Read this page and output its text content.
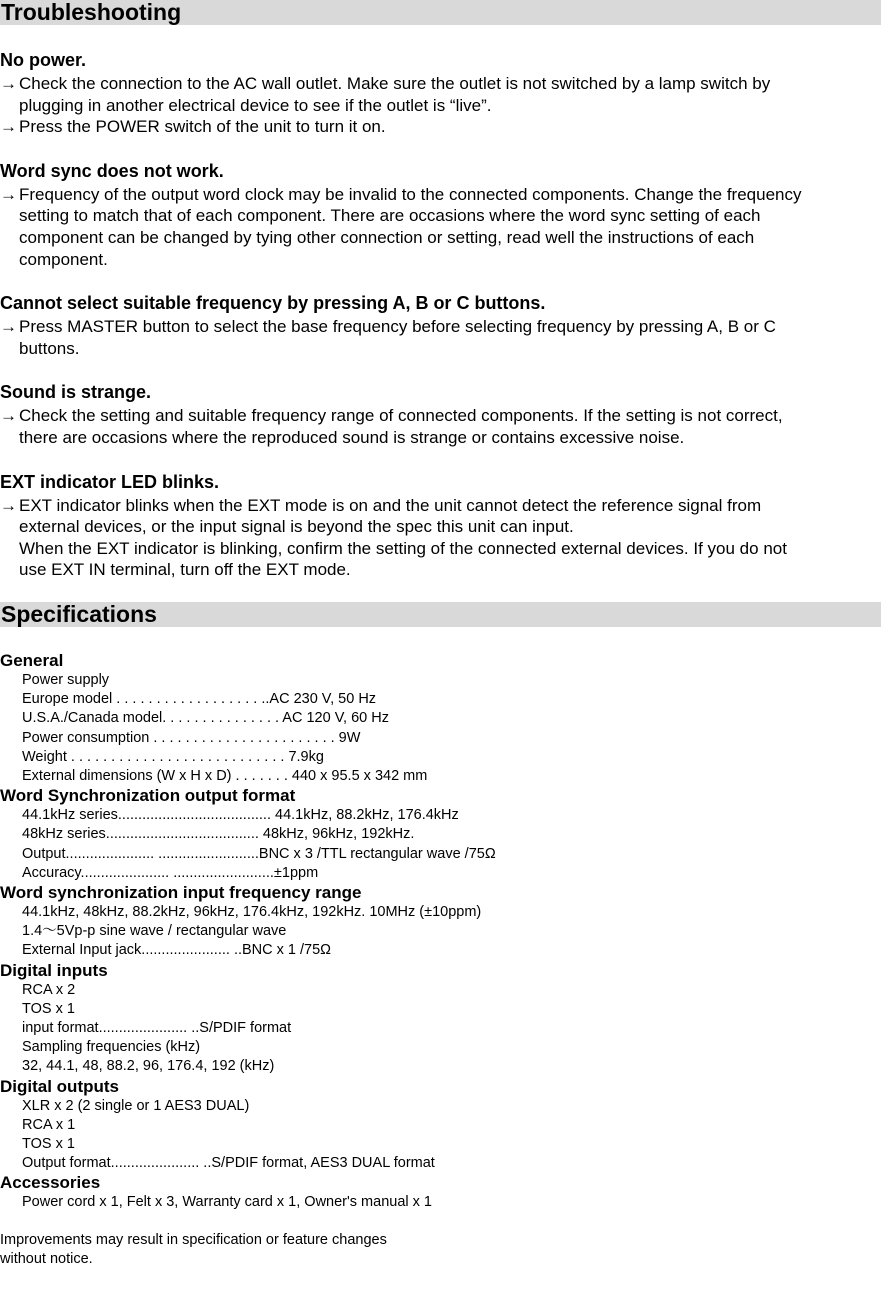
Troubleshooting
No power.
→ Check the connection to the AC wall outlet. Make sure the outlet is not switched by a lamp switch by
plugging in another electrical device to see if the outlet is “live”.
→ Press the POWER switch of the unit to turn it on.
Word sync does not work.
→ Frequency of the output word clock may be invalid to the connected components. Change the frequency
setting to match that of each component. There are occasions where the word sync setting of each
component can be changed by tying other connection or setting, read well the instructions of each
component.
Cannot select suitable frequency by pressing A, B or C buttons.
→ Press MASTER button to select the base frequency before selecting frequency by pressing A, B or C
buttons.
Sound is strange.
→ Check the setting and suitable frequency range of connected components. If the setting is not correct,
there are occasions where the reproduced sound is strange or contains excessive noise.
EXT indicator LED blinks.
→ EXT indicator blinks when the EXT mode is on and the unit cannot detect the reference signal from
external devices, or the input signal is beyond the spec this unit can input.
When the EXT indicator is blinking, confirm the setting of the connected external devices. If you do not
use EXT IN terminal, turn off the EXT mode.
Specifications
General
Power supply
Europe model . . . . . . . . . . . . . . . . . . ..AC 230 V, 50 Hz
U.S.A./Canada model. . . . . . . . . . . . . . . AC 120 V, 60 Hz
Power consumption . . . . . . . . . . . . . . . . . . . . . . . 9W
Weight . . . . . . . . . . . . . . . . . . . . . . . . . . . 7.9kg
External dimensions (W x H x D) . . . . . . . 440 x 95.5 x 342 mm
Word Synchronization output format
44.1kHz series...................................... 44.1kHz, 88.2kHz, 176.4kHz
48kHz series...................................... 48kHz, 96kHz, 192kHz.
Output...................... .........................BNC x 3 /TTL rectangular wave /75Ω
Accuracy...................... .........................±1ppm
Word synchronization input frequency range
44.1kHz, 48kHz, 88.2kHz, 96kHz, 176.4kHz, 192kHz. 10MHz (±10ppm)
1.4〜5Vp-p sine wave / rectangular wave
External Input jack...................... ..BNC x 1 /75Ω
Digital inputs
RCA x 2
TOS x 1
input format...................... ..S/PDIF format
Sampling frequencies (kHz)
32, 44.1, 48, 88.2, 96, 176.4, 192 (kHz)
Digital outputs
XLR x 2 (2 single or 1 AES3 DUAL)
RCA x 1
TOS x 1
Output format...................... ..S/PDIF format, AES3 DUAL format
Accessories
Power cord x 1, Felt x 3, Warranty card x 1, Owner's manual x 1
Improvements may result in specification or feature changes
without notice.
